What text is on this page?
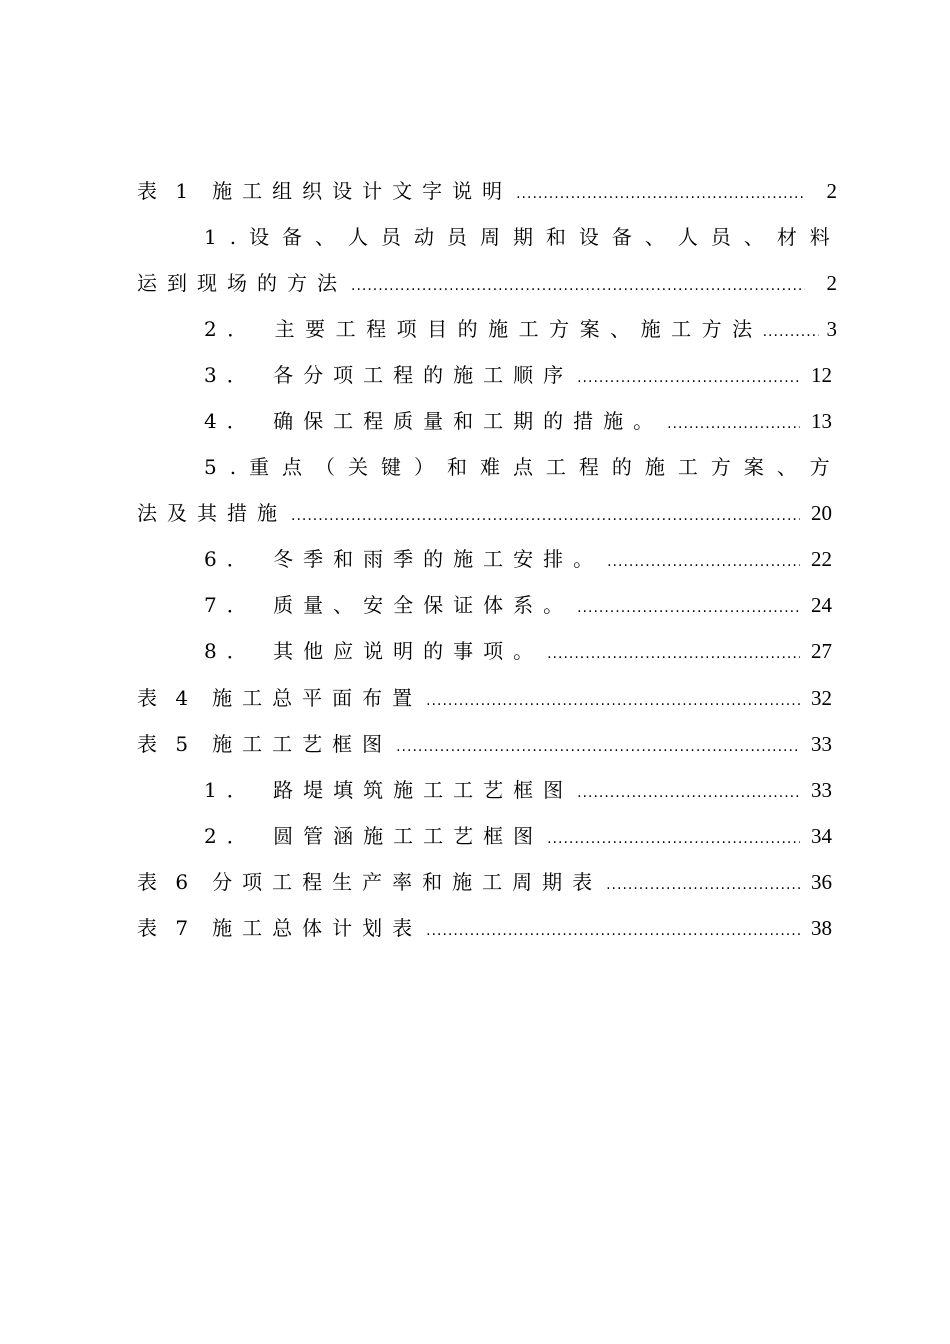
表 1 施工组织设计文字说明 .....	2
1 . 设 备 、 人 员 动 员 周 期 和 设 备 、 人 员 、 材 料
运到现场的方法 .....	2
2． 主要工程项目的施工方案、施工方法 .....	3
3． 各分项工程的施工顺序 .....	12
4． 确保工程质量和工期的措施。 .....	13
5 . 重 点 （ 关 键 ） 和 难 点 工 程 的 施 工 方 案 、 方
法及其措施 .....	20
6． 冬季和雨季的施工安排。 .....	22
7． 质量、安全保证体系。 .....	24
8． 其他应说明的事项。 .....	27
表 4 施工总平面布置 .....	32
表 5 施工工艺框图 .....	33
1． 路堤填筑施工工艺框图 .....	33
2． 圆管涵施工工艺框图 .....	34
表 6 分项工程生产率和施工周期表 .....	36
表 7 施工总体计划表 .....	38
